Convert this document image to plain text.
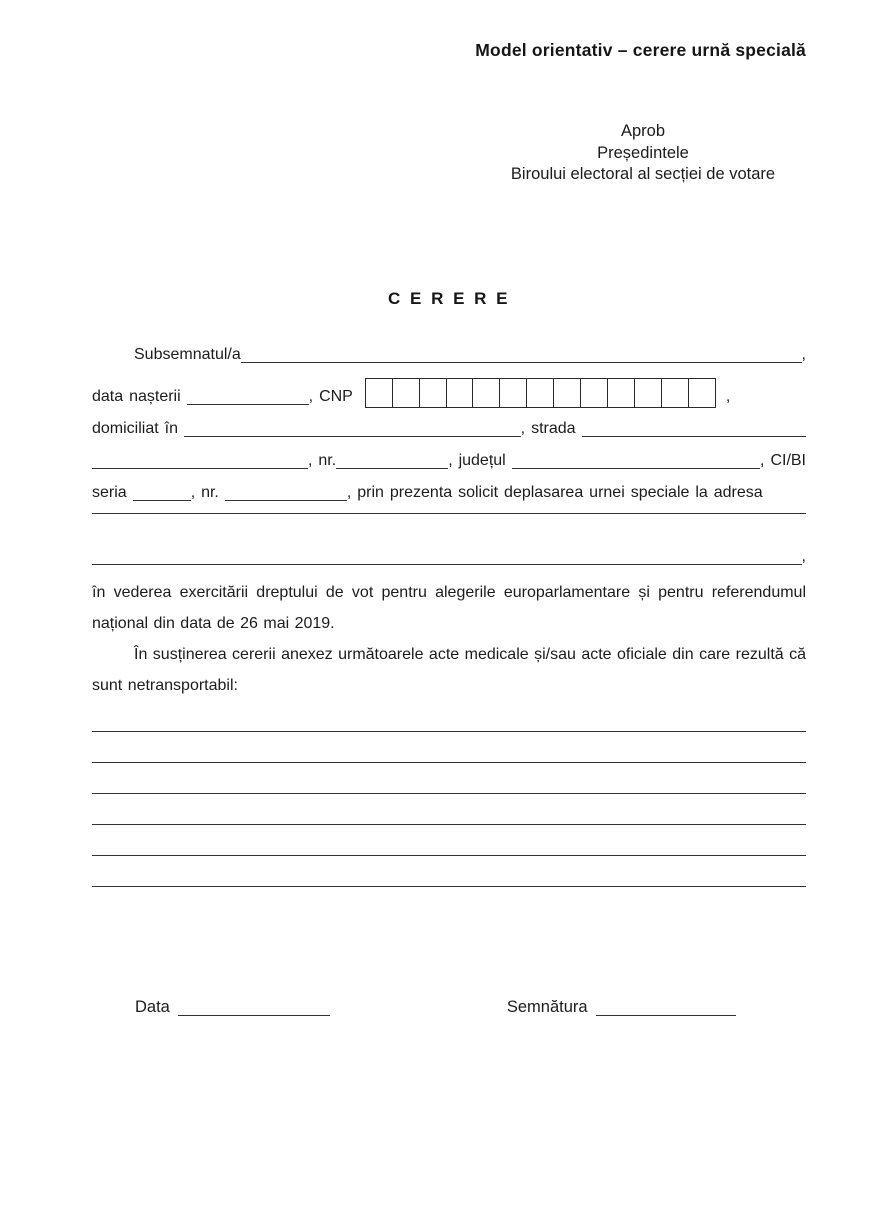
Model orientativ – cerere urnă specială
Aprob
Președintele
Biroului electoral al secției de votare
C E R E R E
Subsemnatul/a	,
data nașterii	, CNP	,
domiciliat în	, strada
, nr.	, județul	, CI/BI
seria	, nr.	, prin prezenta solicit deplasarea urnei speciale la adresa
,
în vederea exercitării dreptului de vot pentru alegerile europarlamentare și pentru referendumul național din data de 26 mai 2019.
În susținerea cererii anexez următoarele acte medicale și/sau acte oficiale din care rezultă că sunt netransportabil:
Data	Semnătura
